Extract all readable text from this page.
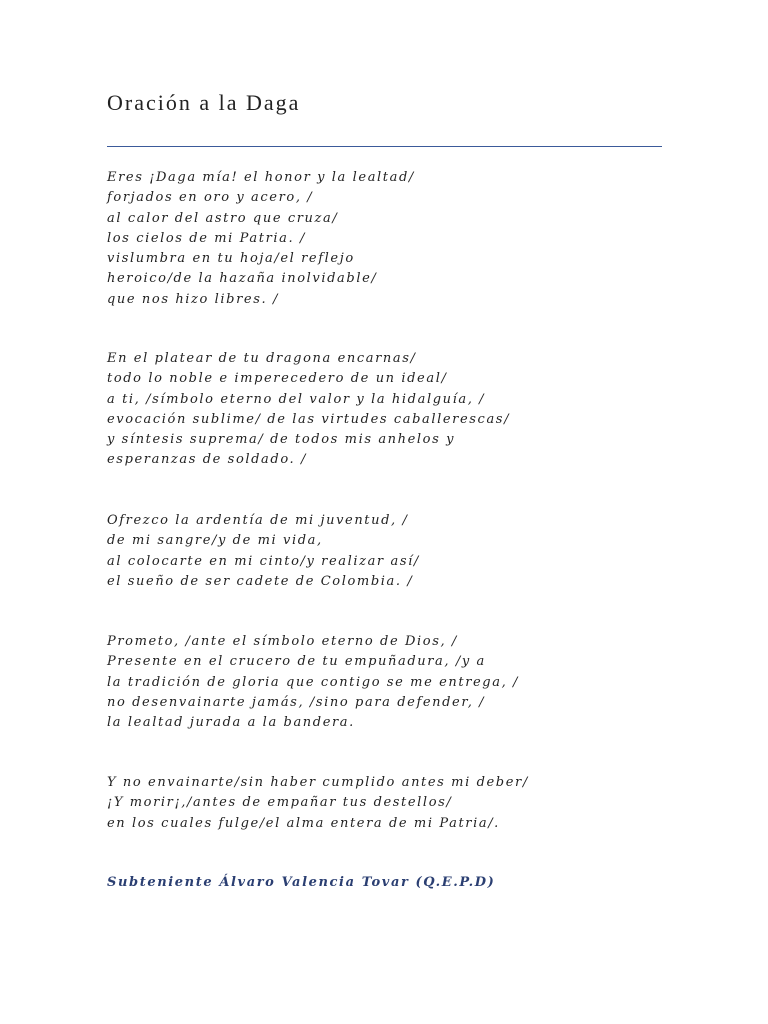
Oración a la Daga

Eres ¡Daga mía! el honor y la lealtad/
forjados en oro y acero, /
al calor del astro que cruza/
los cielos de mi Patria. /
vislumbra en tu hoja/el reflejo
heroico/de la hazaña inolvidable/
que nos hizo libres. /

En el platear de tu dragona encarnas/
todo lo noble e imperecedero de un ideal/
a ti, /símbolo eterno del valor y la hidalguía, /
evocación sublime/ de las virtudes caballerescas/
y síntesis suprema/ de todos mis anhelos y
esperanzas de soldado. /

Ofrezco la ardentía de mi juventud, /
de mi sangre/y de mi vida,
al colocarte en mi cinto/y realizar así/
el sueño de ser cadete de Colombia. /

Prometo, /ante el símbolo eterno de Dios, /
Presente en el crucero de tu empuñadura, /y a
la tradición de gloria que contigo se me entrega, /
no desenvainarte jamás, /sino para defender, /
la lealtad jurada a la bandera.

Y no envainarte/sin haber cumplido antes mi deber/
¡Y morir¡,/antes de empañar tus destellos/
en los cuales fulge/el alma entera de mi Patria/.

Subteniente Álvaro Valencia Tovar (Q.E.P.D)
